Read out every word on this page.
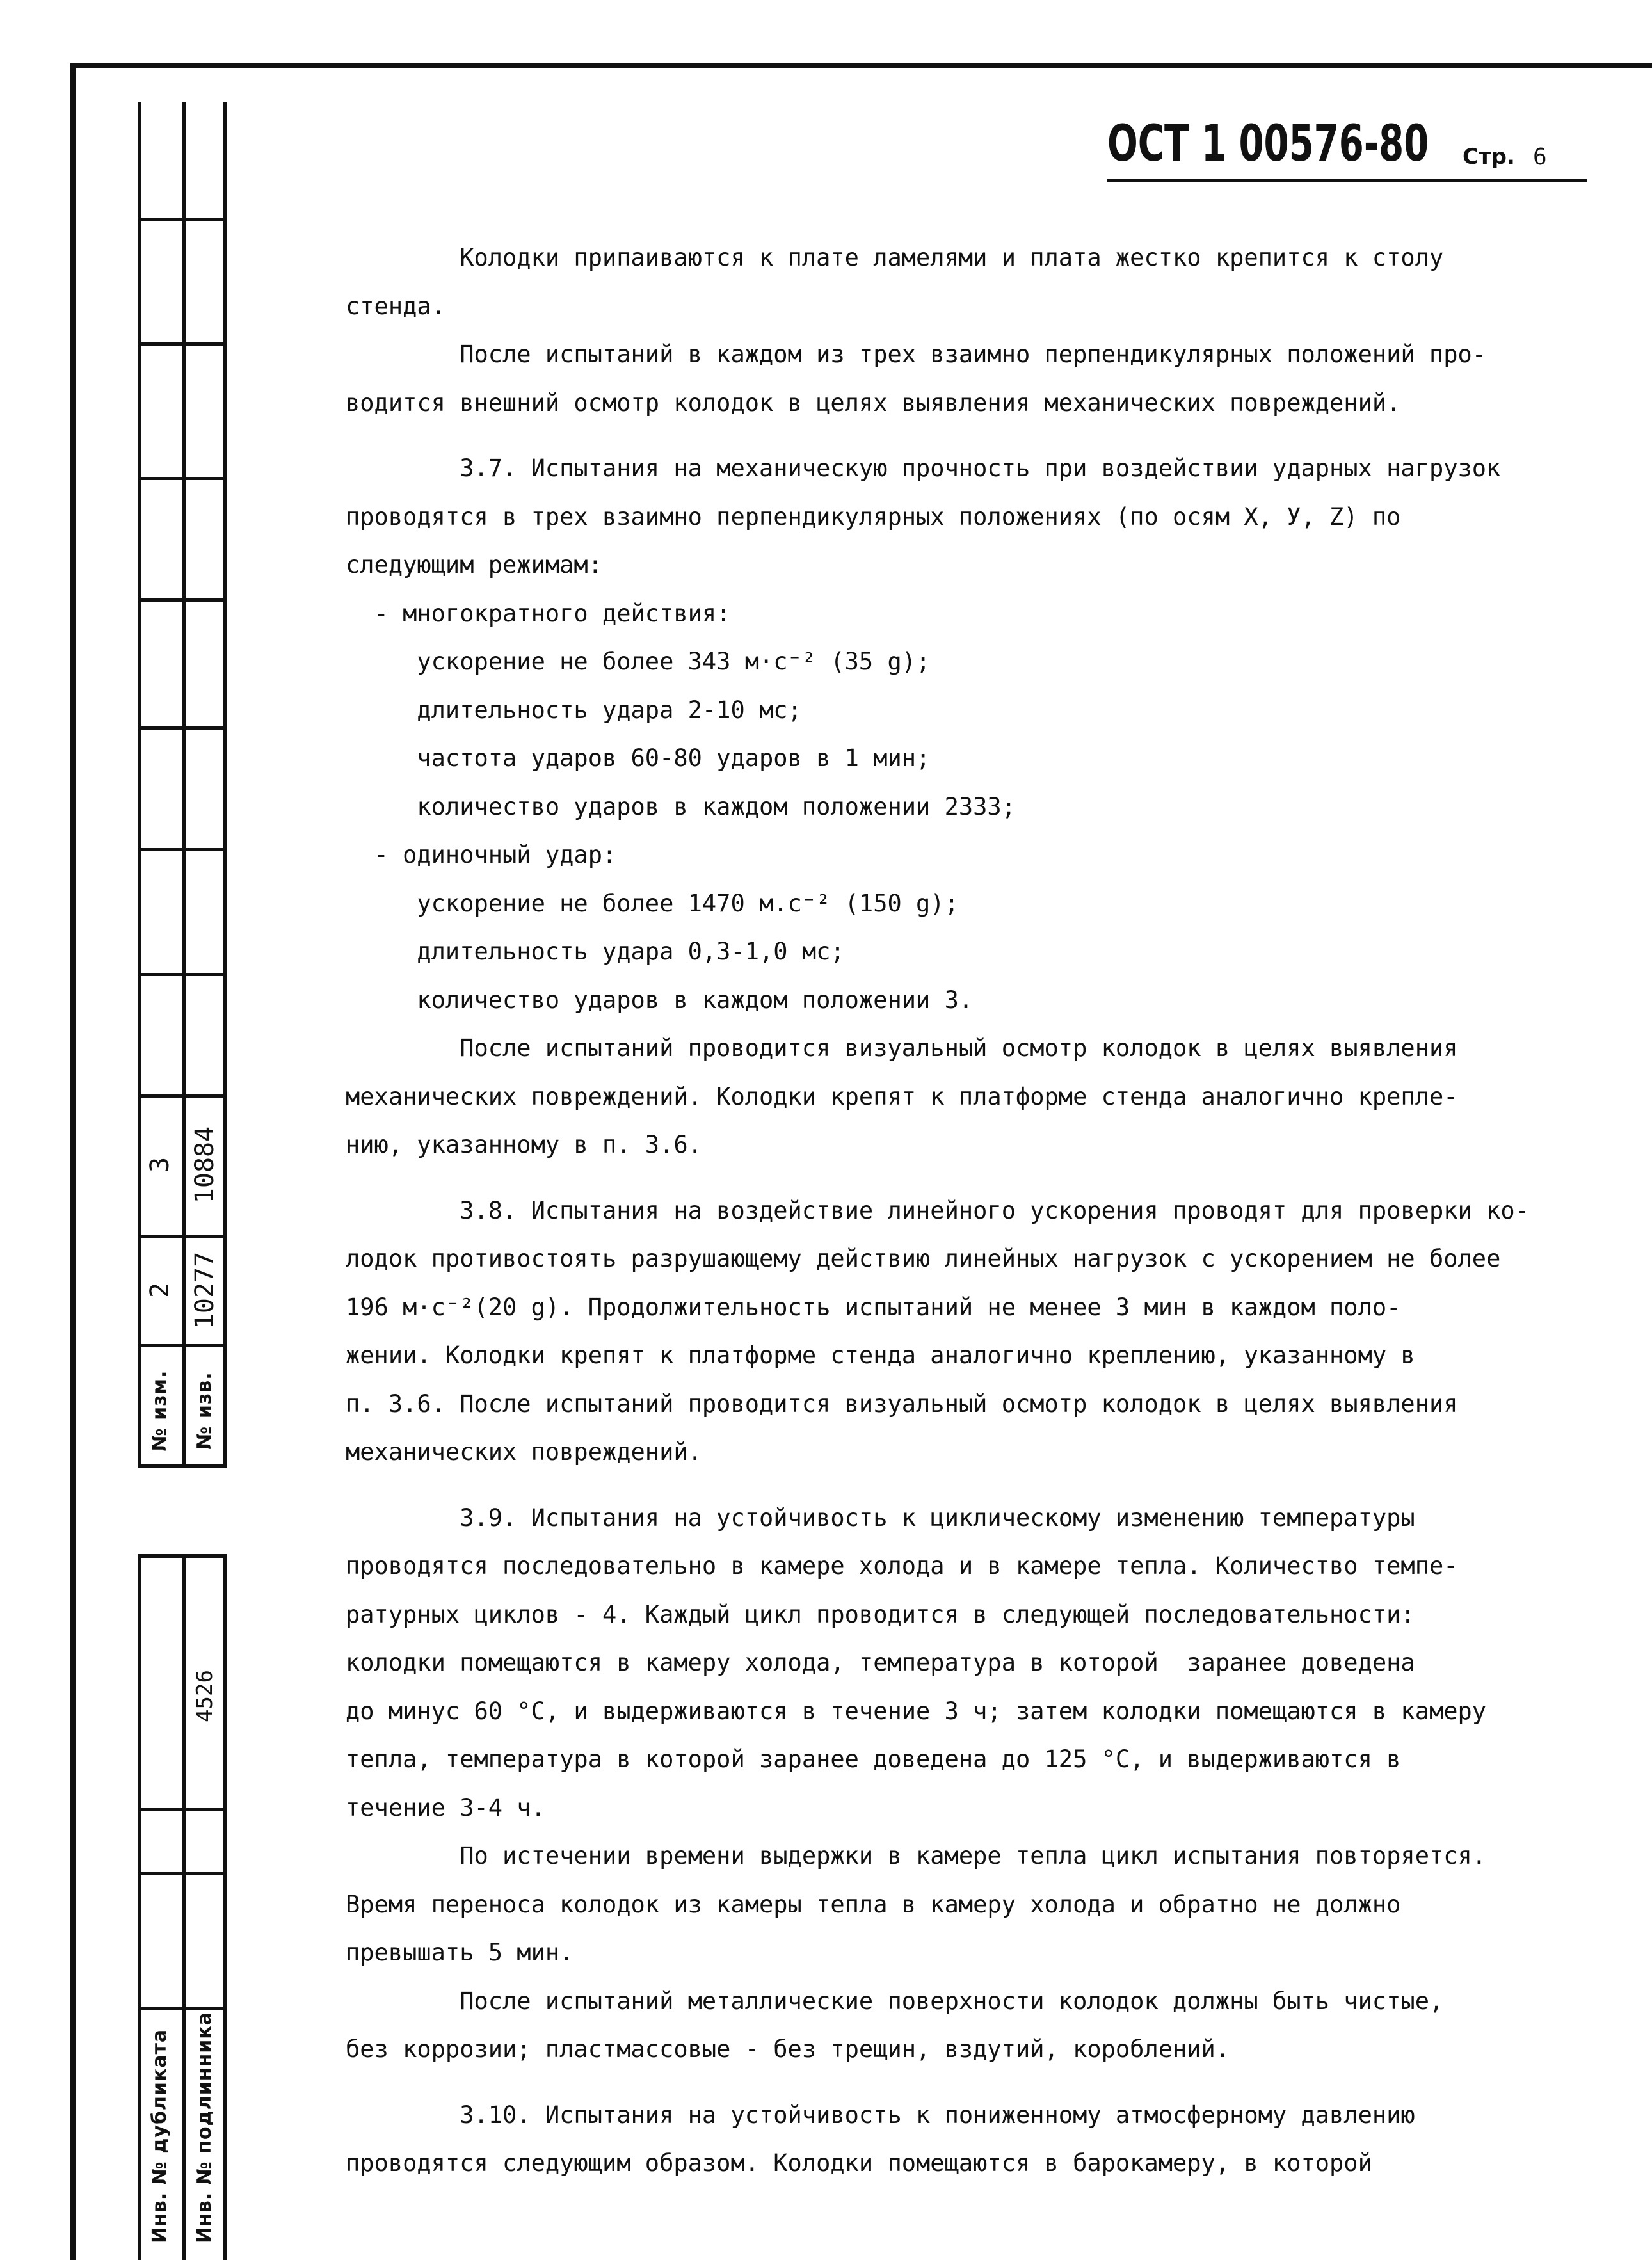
3 10884
2 10277
№ изм. № изв.
4526
Инв. № дубликата Инв. № подлинника
ОСТ 1 00576-80 Стр. 6

Колодки припаиваются к плате ламелями и плата жестко крепится к столу

стенда.

После испытаний в каждом из трех взаимно перпендикулярных положений про-

водится внешний осмотр колодок в целях выявления механических повреждений.

3.7. Испытания на механическую прочность при воздействии ударных нагрузок

проводятся в трех взаимно перпендикулярных положениях (по осям X, У, Z) по

следующим режимам:

- многократного действия:

ускорение не более 343 м·с⁻² (35 g);

длительность удара 2-10 мс;

частота ударов 60-80 ударов в 1 мин;

количество ударов в каждом положении 2333;

- одиночный удар:

ускорение не более 1470 м.с⁻² (150 g);

длительность удара 0,3-1,0 мс;

количество ударов в каждом положении 3.

После испытаний проводится визуальный осмотр колодок в целях выявления

механических повреждений. Колодки крепят к платформе стенда аналогично крепле-

нию, указанному в п. 3.6.

3.8. Испытания на воздействие линейного ускорения проводят для проверки ко-

лодок противостоять разрушающему действию линейных нагрузок с ускорением не более

196 м·с⁻²(20 g). Продолжительность испытаний не менее 3 мин в каждом поло-

жении. Колодки крепят к платформе стенда аналогично креплению, указанному в

п. 3.6. После испытаний проводится визуальный осмотр колодок в целях выявления

механических повреждений.

3.9. Испытания на устойчивость к циклическому изменению температуры

проводятся последовательно в камере холода и в камере тепла. Количество темпе-

ратурных циклов - 4. Каждый цикл проводится в следующей последовательности:

колодки помещаются в камеру холода, температура в которой  заранее доведена

до минус 60 °С, и выдерживаются в течение 3 ч; затем колодки помещаются в камеру

тепла, температура в которой заранее доведена до 125 °С, и выдерживаются в

течение 3-4 ч.

По истечении времени выдержки в камере тепла цикл испытания повторяется.

Время переноса колодок из камеры тепла в камеру холода и обратно не должно

превышать 5 мин.

После испытаний металлические поверхности колодок должны быть чистые,

без коррозии; пластмассовые - без трещин, вздутий, короблений.

3.10. Испытания на устойчивость к пониженному атмосферному давлению

проводятся следующим образом. Колодки помещаются в барокамеру, в которой
